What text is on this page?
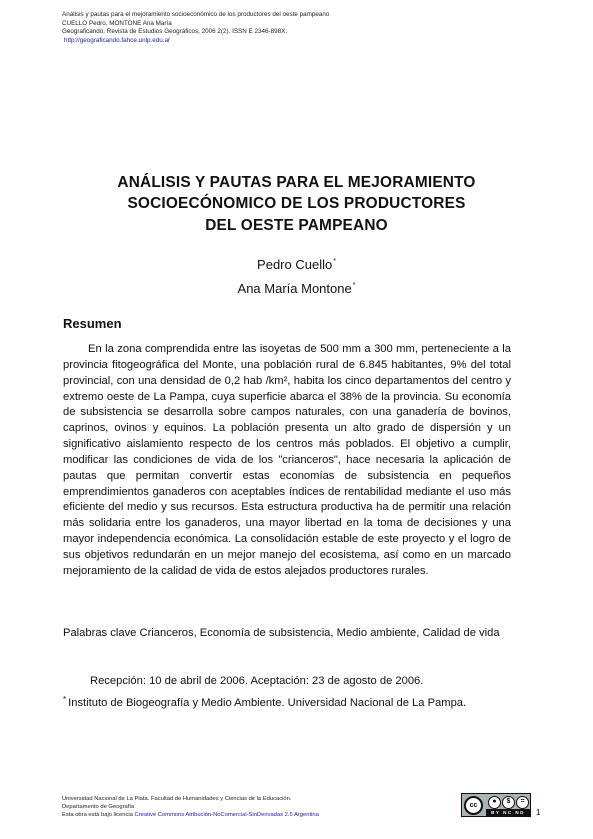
Análisis y pautas para el mejoramiento socioeconómico de los productores del oeste pampeano
CUELLO Pedro, MONTONE Ana María
Geograficando. Revista de Estudios Geográficos, 2006 2(2). ISSN E 2346-898X.
http://geograficando.fahce.unlp.edu.ar
ANÁLISIS Y PAUTAS PARA EL MEJORAMIENTO
SOCIOECÓNOMICO DE LOS PRODUCTORES
DEL OESTE PAMPEANO
Pedro Cuello*
Ana María Montone*
Resumen

En la zona comprendida entre las isoyetas de 500 mm a 300 mm, perteneciente a la provincia fitogeográfica del Monte, una población rural de 6.845 habitantes, 9% del total provincial, con una densidad de 0,2 hab /km², habita los cinco departamentos del centro y extremo oeste de La Pampa, cuya superficie abarca el 38% de la provincia. Su economía de subsistencia se desarrolla sobre campos naturales, con una ganadería de bovinos, caprinos, ovinos y equinos. La población presenta un alto grado de dispersión y un significativo aislamiento respecto de los centros más poblados. El objetivo a cumplir, modificar las condiciones de vida de los "crianceros", hace necesaria la aplicación de pautas que permitan convertir estas economías de subsistencia en pequeños emprendimientos ganaderos con aceptables índices de rentabilidad mediante el uso más eficiente del medio y sus recursos. Esta estructura productiva ha de permitir una relación más solidaria entre los ganaderos, una mayor libertad en la toma de decisiones y una mayor independencia económica. La consolidación estable de este proyecto y el logro de sus objetivos redundarán en un mejor manejo del ecosistema, así como en un marcado mejoramiento de la calidad de vida de estos alejados productores rurales.

Palabras clave Crianceros, Economía de subsistencia, Medio ambiente, Calidad de vida
Recepción: 10 de abril de 2006. Aceptación: 23 de agosto de 2006.
* Instituto de Biogeografía y Medio Ambiente. Universidad Nacional de La Pampa.
Universidad Nacional de La Plata. Facultad de Humanidades y Ciencias de la Educación.
Departamento de Geografía
Esta obra está bajo licencia Creative Commons Atribución-NoComercial-SinDerivadas 2.5 Argentina
cc
●	$	=
BY NC ND	1
